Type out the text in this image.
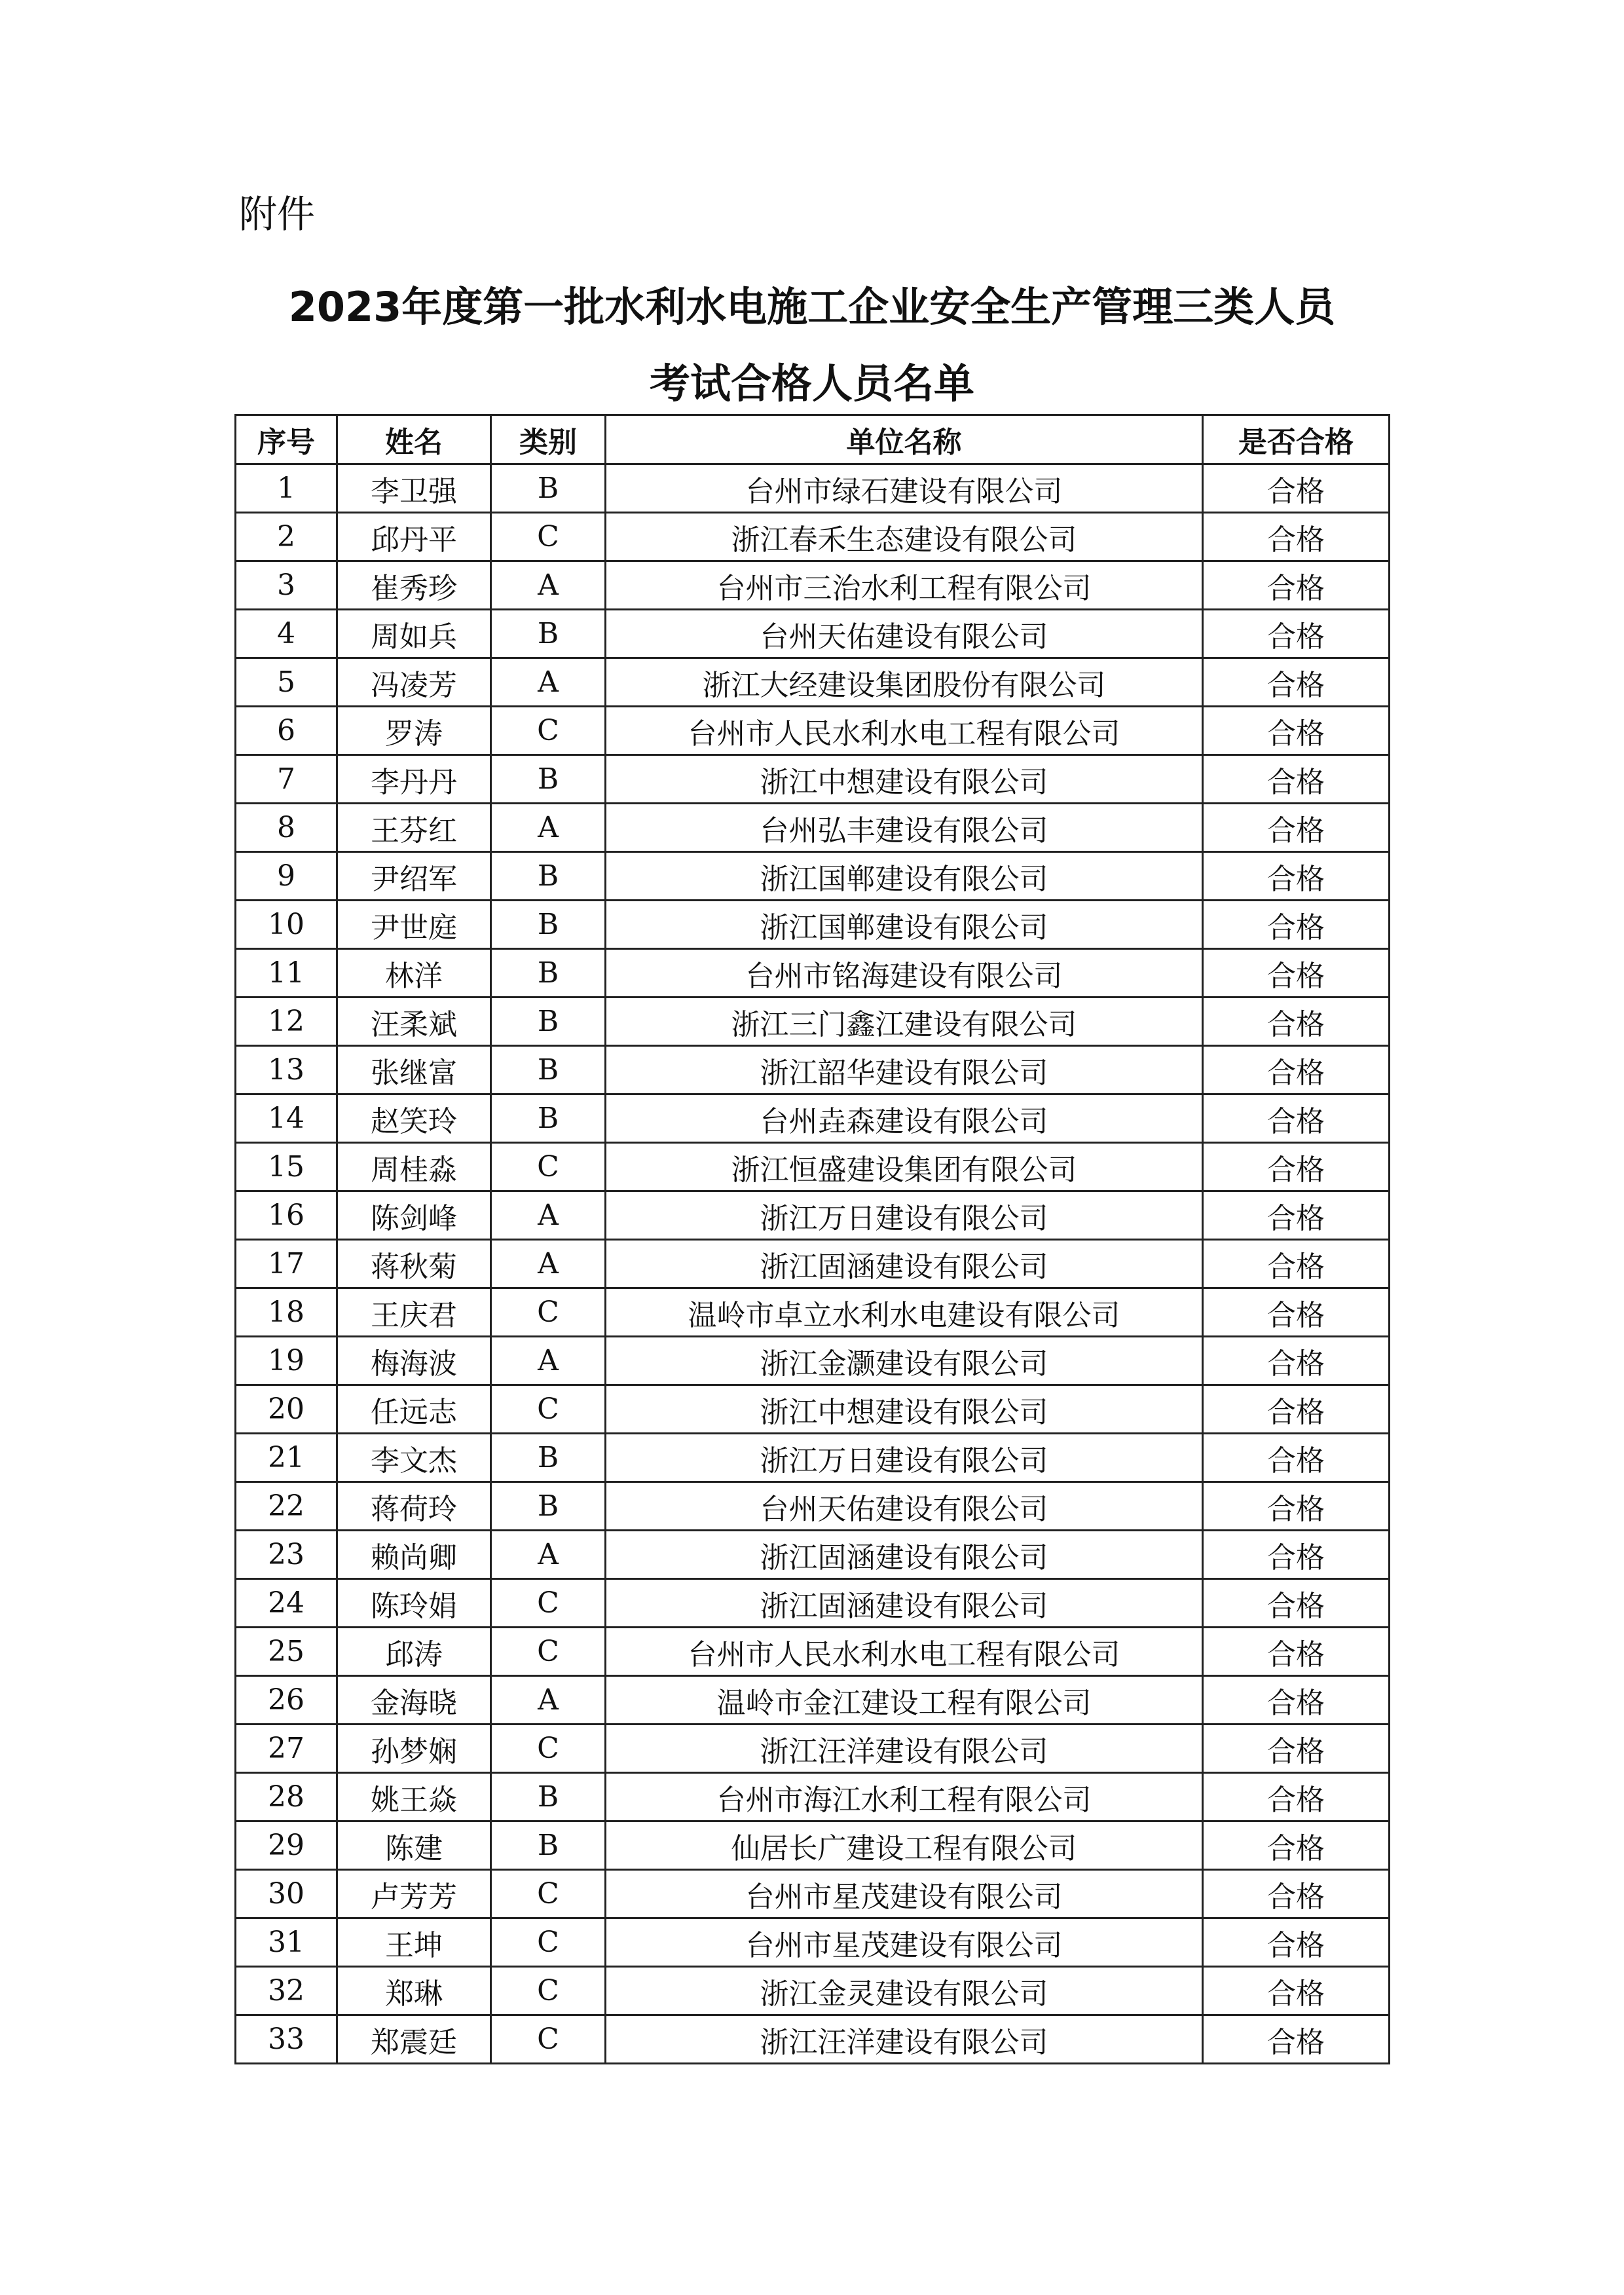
附件
2023年度第一批水利水电施工企业安全生产管理三类人员
考试合格人员名单
序号	姓名	类别	单位名称	是否合格
1	李卫强	B	台州市绿石建设有限公司	合格
2	邱丹平	C	浙江春禾生态建设有限公司	合格
3	崔秀珍	A	台州市三治水利工程有限公司	合格
4	周如兵	B	台州天佑建设有限公司	合格
5	冯凌芳	A	浙江大经建设集团股份有限公司	合格
6	罗涛	C	台州市人民水利水电工程有限公司	合格
7	李丹丹	B	浙江中想建设有限公司	合格
8	王芬红	A	台州弘丰建设有限公司	合格
9	尹绍军	B	浙江国郸建设有限公司	合格
10	尹世庭	B	浙江国郸建设有限公司	合格
11	林洋	B	台州市铭海建设有限公司	合格
12	汪柔斌	B	浙江三门鑫江建设有限公司	合格
13	张继富	B	浙江韶华建设有限公司	合格
14	赵笑玲	B	台州垚森建设有限公司	合格
15	周桂淼	C	浙江恒盛建设集团有限公司	合格
16	陈剑峰	A	浙江万日建设有限公司	合格
17	蒋秋菊	A	浙江固涵建设有限公司	合格
18	王庆君	C	温岭市卓立水利水电建设有限公司	合格
19	梅海波	A	浙江金灏建设有限公司	合格
20	任远志	C	浙江中想建设有限公司	合格
21	李文杰	B	浙江万日建设有限公司	合格
22	蒋荷玲	B	台州天佑建设有限公司	合格
23	赖尚卿	A	浙江固涵建设有限公司	合格
24	陈玲娟	C	浙江固涵建设有限公司	合格
25	邱涛	C	台州市人民水利水电工程有限公司	合格
26	金海晓	A	温岭市金江建设工程有限公司	合格
27	孙梦娴	C	浙江汪洋建设有限公司	合格
28	姚王焱	B	台州市海江水利工程有限公司	合格
29	陈建	B	仙居长广建设工程有限公司	合格
30	卢芳芳	C	台州市星茂建设有限公司	合格
31	王坤	C	台州市星茂建设有限公司	合格
32	郑琳	C	浙江金灵建设有限公司	合格
33	郑震廷	C	浙江汪洋建设有限公司	合格
